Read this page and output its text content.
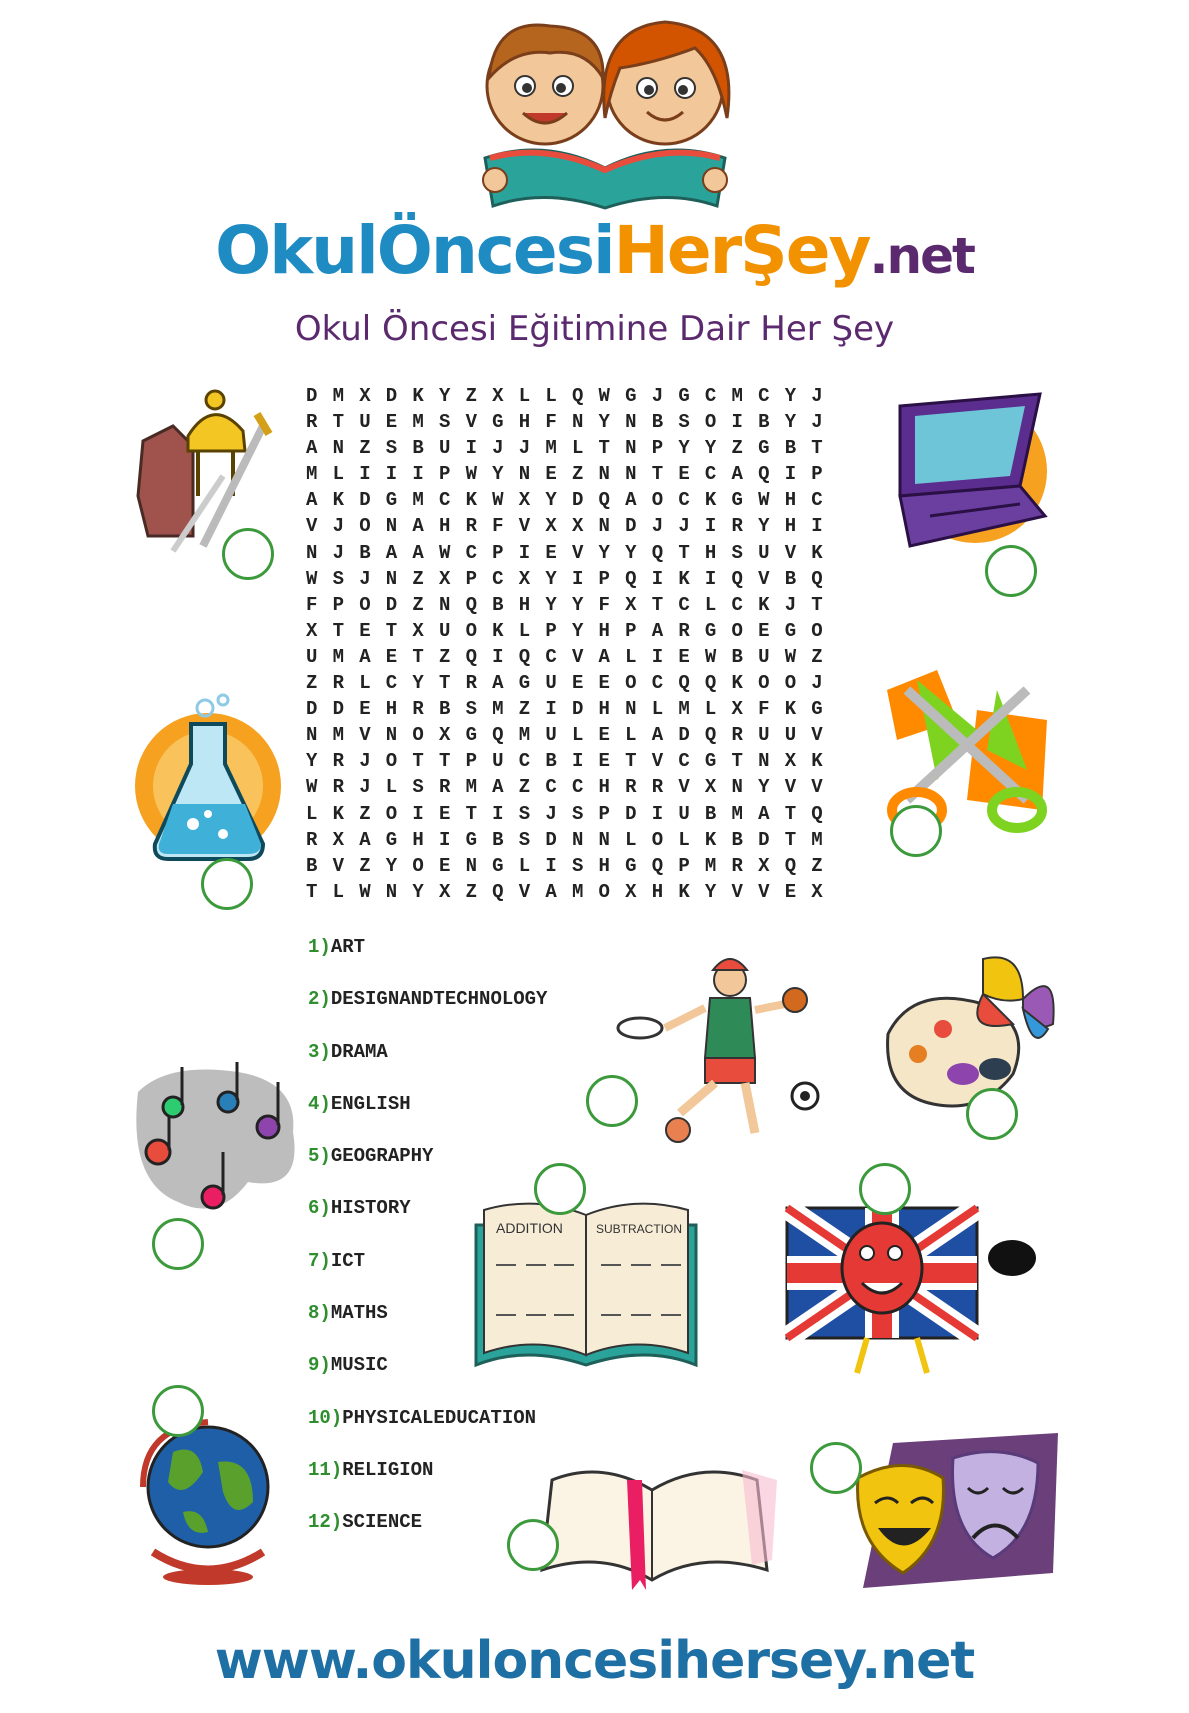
OkulÖncesiHerŞey.net
Okul Öncesi Eğitimine Dair Her Şey
D M X D K Y Z X L L Q W G J G C M C Y J
R T U E M S V G H F N Y N B S O I B Y J
A N Z S B U I J J M L T N P Y Y Z G B T
M L I I I P W Y N E Z N N T E C A Q I P
A K D G M C K W X Y D Q A O C K G W H C
V J O N A H R F V X X N D J J I R Y H I
N J B A A W C P I E V Y Y Q T H S U V K
W S J N Z X P C X Y I P Q I K I Q V B Q
F P O D Z N Q B H Y Y F X T C L C K J T
X T E T X U O K L P Y H P A R G O E G O
U M A E T Z Q I Q C V A L I E W B U W Z
Z R L C Y T R A G U E E O C Q Q K O O J
D D E H R B S M Z I D H N L M L X F K G
N M V N O X G Q M U L E L A D Q R U U V
Y R J O T T P U C B I E T V C G T N X K
W R J L S R M A Z C C H R R V X N Y V V
L K Z O I E T I S J S P D I U B M A T Q
R X A G H I G B S D N N L O L K B D T M
B V Z Y O E N G L I S H G Q P M R X Q Z
T L W N Y X Z Q V A M O X H K Y V V E X
1)ART
2)DESIGNANDTECHNOLOGY
3)DRAMA
4)ENGLISH
5)GEOGRAPHY
6)HISTORY
7)ICT
8)MATHS
9)MUSIC
10)PHYSICALEDUCATION
11)RELIGION
12)SCIENCE
ADDITION	SUBTRACTION
www.okuloncesihersey.net
